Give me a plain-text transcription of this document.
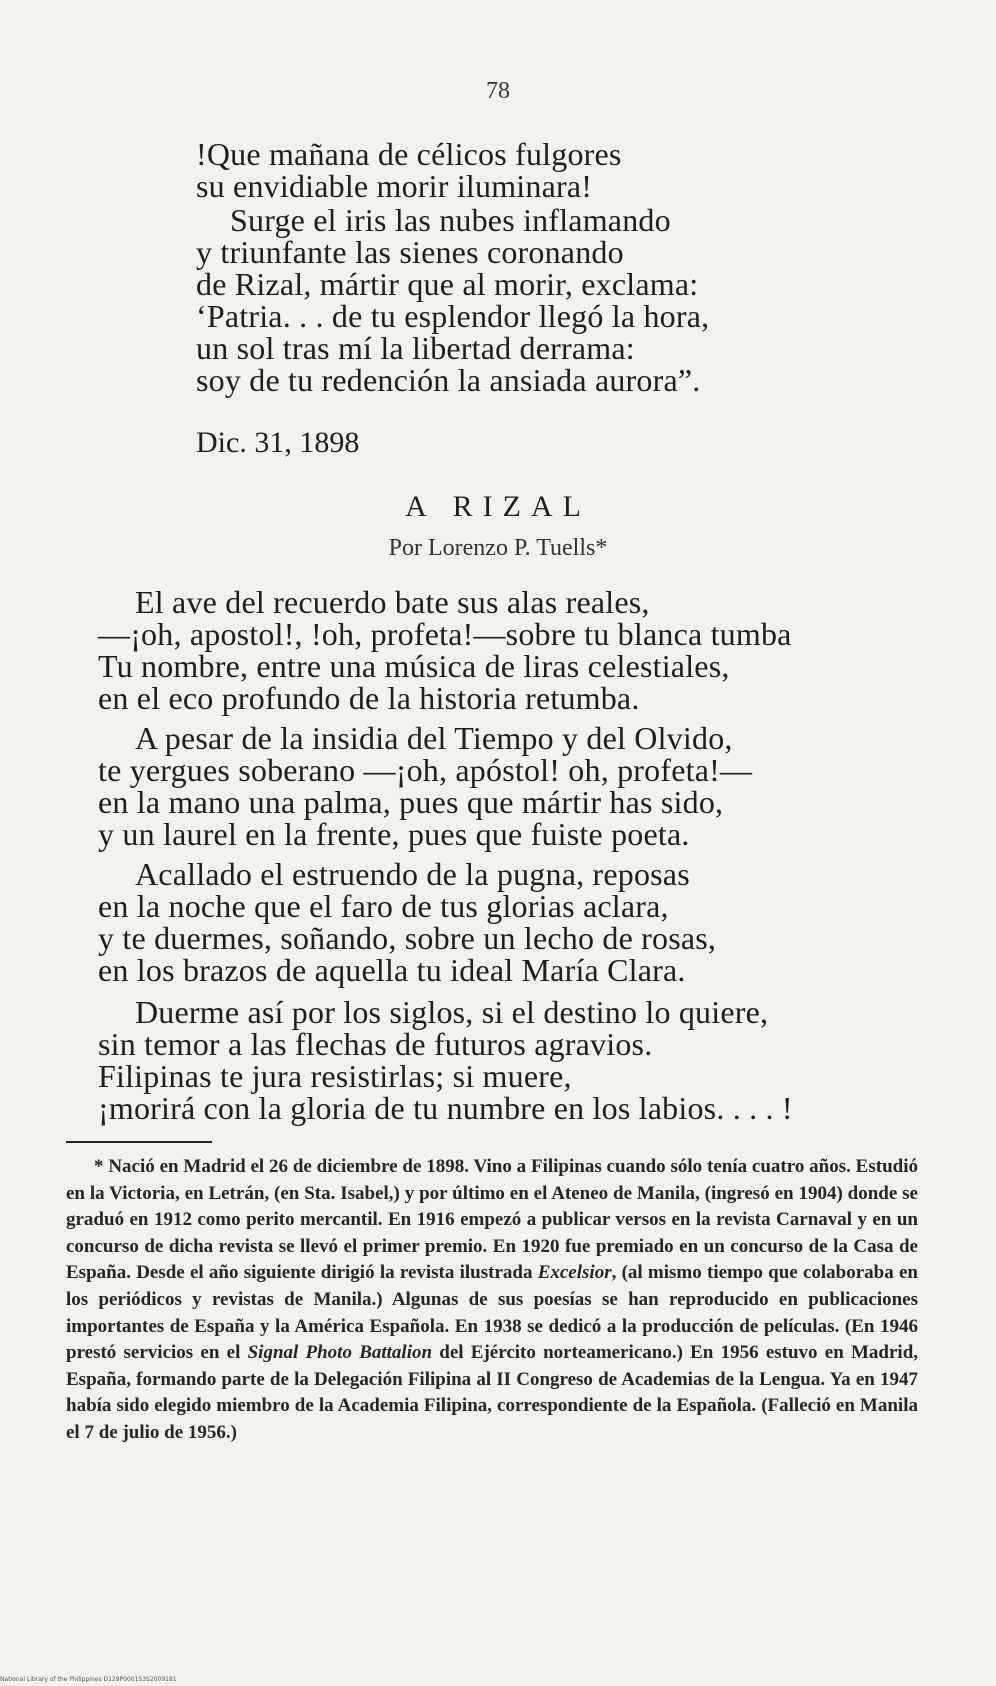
78
!Que mañana de célicos fulgores
su envidiable morir iluminara!
Surge el iris las nubes inflamando
y triunfante las sienes coronando
de Rizal, mártir que al morir, exclama:
‘Patria. . . de tu esplendor llegó la hora,
un sol tras mí la libertad derrama:
soy de tu redención la ansiada aurora”.
Dic. 31, 1898
A RIZAL
Por Lorenzo P. Tuells*
El ave del recuerdo bate sus alas reales,
—¡oh, apostol!, !oh, profeta!—sobre tu blanca tumba
Tu nombre, entre una música de liras celestiales,
en el eco profundo de la historia retumba.
A pesar de la insidia del Tiempo y del Olvido,
te yergues soberano —¡oh, apóstol! oh, profeta!—
en la mano una palma, pues que mártir has sido,
y un laurel en la frente, pues que fuiste poeta.
Acallado el estruendo de la pugna, reposas
en la noche que el faro de tus glorias aclara,
y te duermes, soñando, sobre un lecho de rosas,
en los brazos de aquella tu ideal María Clara.
Duerme así por los siglos, si el destino lo quiere,
sin temor a las flechas de futuros agravios.
Filipinas te jura resistirlas; si muere,
¡morirá con la gloria de tu numbre en los labios. . . . !

* Nació en Madrid el 26 de diciembre de 1898. Vino a Filipinas cuando sólo tenía cuatro años. Estudió en la Victoria, en Letrán, (en Sta. Isabel,) y por último en el Ateneo de Manila, (ingresó en 1904) donde se graduó en 1912 como perito mercantil. En 1916 empezó a publicar versos en la revista Carnaval y en un concurso de dicha revista se llevó el primer premio. En 1920 fue premiado en un concurso de la Casa de España. Desde el año siguiente dirigió la revista ilustrada Excelsior, (al mismo tiempo que colaboraba en los periódicos y revistas de Manila.) Algunas de sus poesías se han reproducido en publicaciones importantes de España y la América Española. En 1938 se dedicó a la producción de películas. (En 1946 prestó servicios en el Signal Photo Battalion del Ejército norteamericano.) En 1956 estuvo en Madrid, España, formando parte de la Delegación Filipina al II Congreso de Academias de la Lengua. Ya en 1947 había sido elegido miembro de la Academia Filipina, correspondiente de la Española. (Falleció en Manila el 7 de julio de 1956.)

National Library of the Philippines D129P0001S3S2009181
